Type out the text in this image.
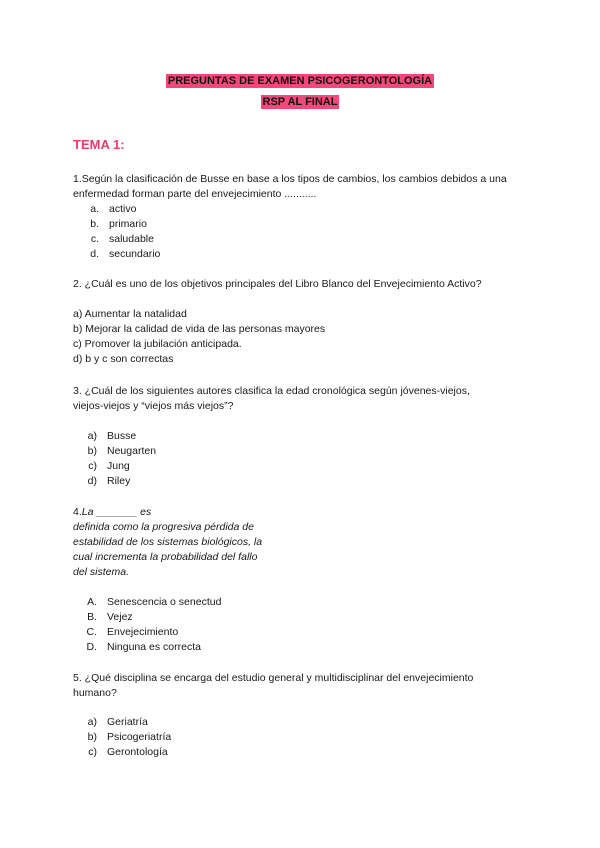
PREGUNTAS DE EXAMEN PSICOGERONTOLOGÍA
RSP AL FINAL
TEMA 1:

1.Según la clasificación de Busse en base a los tipos de cambios, los cambios debidos a una

enfermedad forman parte del envejecimiento ...........

a. activo
b. primario
c. saludable
d. secundario

2. ¿Cuál es uno de los objetivos principales del Libro Blanco del Envejecimiento Activo?

a) Aumentar la natalidad
b) Mejorar la calidad de vida de las personas mayores
c) Promover la jubilación anticipada.
d) b y c son correctas

3. ¿Cuál de los siguientes autores clasifica la edad cronológica según jóvenes-viejos,

viejos-viejos y “viejos más viejos”?

a) Busse
b) Neugarten
c) Jung
d) Riley

4.La _______ es

definida como la progresiva pérdida de

estabilidad de los sistemas biológicos, la

cual incrementa la probabilidad del fallo

del sistema.

A. Senescencia o senectud
B. Vejez
C. Envejecimiento
D. Ninguna es correcta

5. ¿Qué disciplina se encarga del estudio general y multidisciplinar del envejecimiento

humano?

a) Geriatría
b) Psicogeriatría
c) Gerontología
